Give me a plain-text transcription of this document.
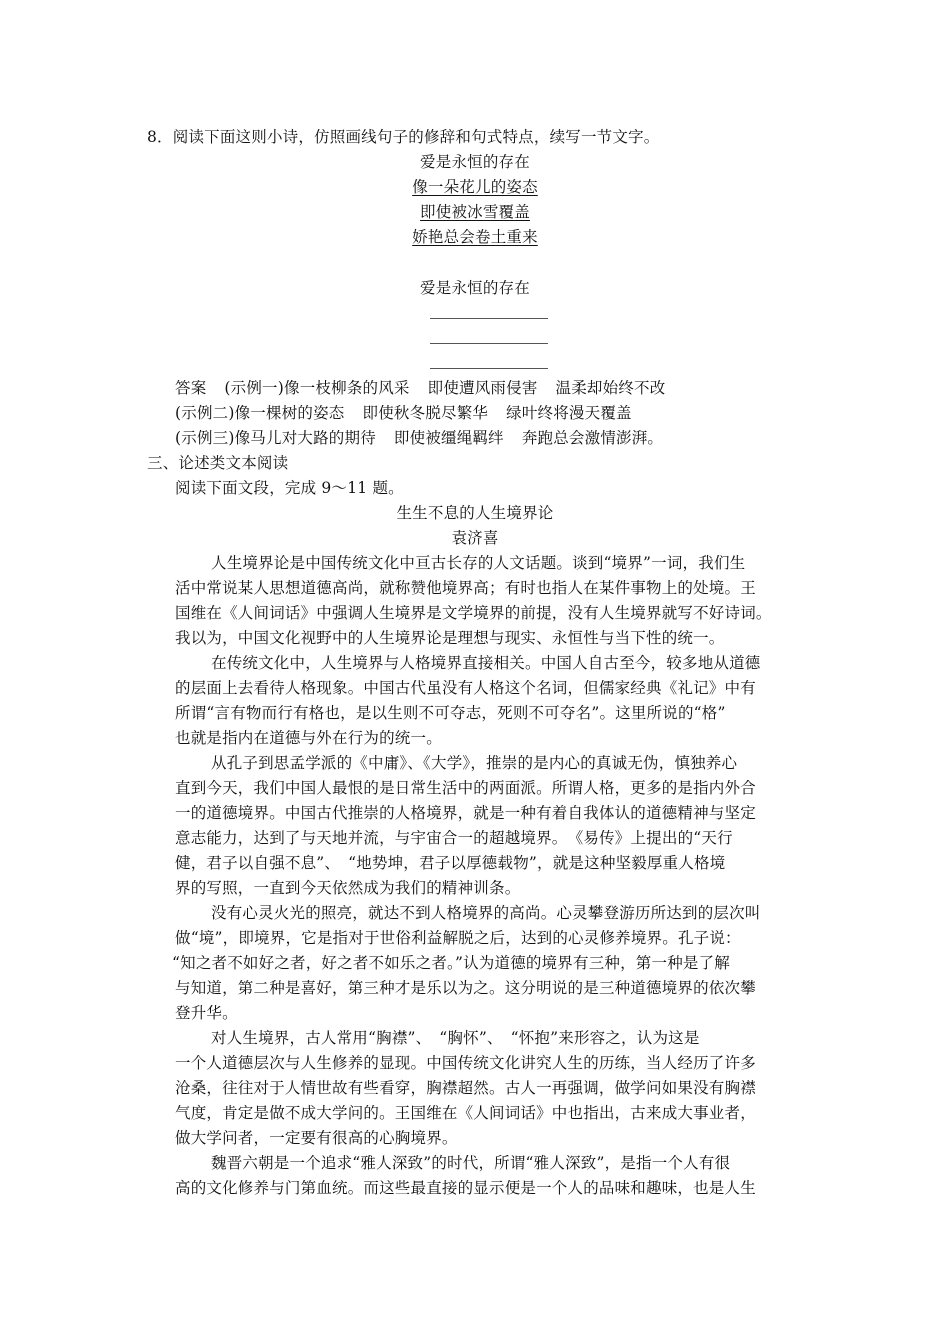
8．阅读下面这则小诗，仿照画线句子的修辞和句式特点，续写一节文字。
爱是永恒的存在
像一朵花儿的姿态
即使被冰雪覆盖
娇艳总会卷土重来
爱是永恒的存在
答案 (示例一)像一枝柳条的风采 即使遭风雨侵害 温柔却始终不改
(示例二)像一棵树的姿态 即使秋冬脱尽繁华 绿叶终将漫天覆盖
(示例三)像马儿对大路的期待 即使被缰绳羁绊 奔跑总会激情澎湃。
三、论述类文本阅读
阅读下面文段，完成 9～11 题。
生生不息的人生境界论
袁济喜
人生境界论是中国传统文化中亘古长存的人文话题。谈到“境界”一词，我们生
活中常说某人思想道德高尚，就称赞他境界高；有时也指人在某件事物上的处境。王
国维在《人间词话》中强调人生境界是文学境界的前提，没有人生境界就写不好诗词。
我以为，中国文化视野中的人生境界论是理想与现实、永恒性与当下性的统一。
在传统文化中，人生境界与人格境界直接相关。中国人自古至今，较多地从道德
的层面上去看待人格现象。中国古代虽没有人格这个名词，但儒家经典《礼记》中有
所谓“言有物而行有格也，是以生则不可夺志，死则不可夺名”。这里所说的“格”
也就是指内在道德与外在行为的统一。
从孔子到思孟学派的《中庸》、《大学》，推崇的是内心的真诚无伪，慎独养心
直到今天，我们中国人最恨的是日常生活中的两面派。所谓人格，更多的是指内外合
一的道德境界。中国古代推崇的人格境界，就是一种有着自我体认的道德精神与坚定
意志能力，达到了与天地并流，与宇宙合一的超越境界。　《易传》上提出的“天行
健，君子以自强不息”、　“地势坤，君子以厚德载物”，就是这种坚毅厚重人格境
界的写照，一直到今天依然成为我们的精神训条。
没有心灵火光的照亮，就达不到人格境界的高尚。心灵攀登游历所达到的层次叫
做“境”，即境界，它是指对于世俗利益解脱之后，达到的心灵修养境界。孔子说：
“知之者不如好之者，好之者不如乐之者。”认为道德的境界有三种，第一种是了解
与知道，第二种是喜好，第三种才是乐以为之。这分明说的是三种道德境界的依次攀
登升华。
对人生境界，古人常用“胸襟”、　“胸怀”、　“怀抱”来形容之，认为这是
一个人道德层次与人生修养的显现。中国传统文化讲究人生的历练，当人经历了许多
沧桑，往往对于人情世故有些看穿，胸襟超然。古人一再强调，做学问如果没有胸襟
气度，肯定是做不成大学问的。王国维在《人间词话》中也指出，古来成大事业者，
做大学问者，一定要有很高的心胸境界。
魏晋六朝是一个追求“雅人深致”的时代，所谓“雅人深致”，是指一个人有很
高的文化修养与门第血统。而这些最直接的显示便是一个人的品味和趣味，也是人生
